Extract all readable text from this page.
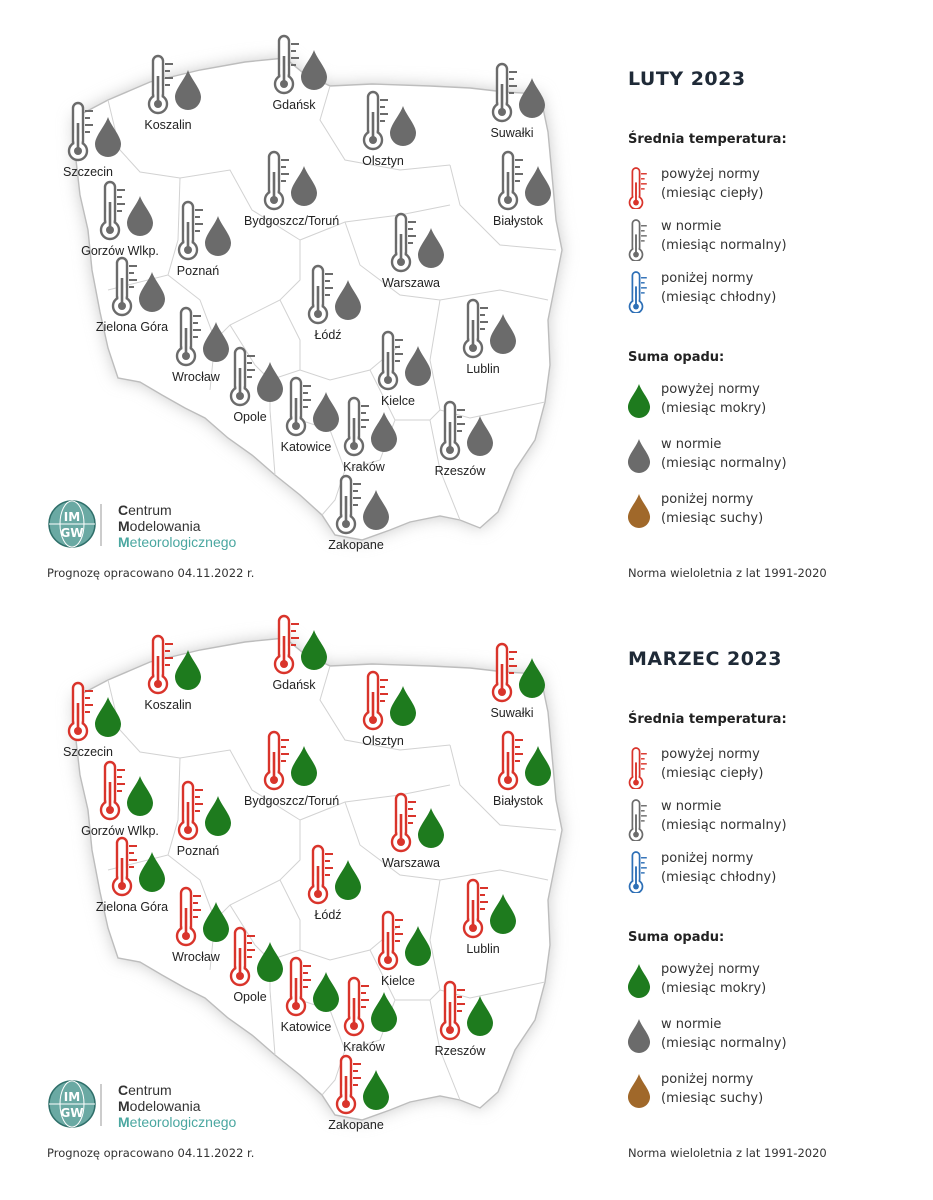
Szczecin
Koszalin
Gdańsk
Olsztyn
Suwałki
Białystok
Gorzów Wlkp.
Bydgoszcz/Toruń
Poznań
Warszawa
Zielona Góra
Łódź
Lublin
Wrocław
Opole
Kielce
Katowice
Kraków	Rzeszów
Zakopane
LUTY 2023
Średnia temperatura:
Suma opadu:
powyżej normy
(miesiąc ciepły)
w normie
(miesiąc normalny)
poniżej normy
(miesiąc chłodny)
powyżej normy
(miesiąc mokry)
w normie
(miesiąc normalny)
poniżej normy
(miesiąc suchy)
Prognozę opracowano 04.11.2022 r.	Norma wieloletnia z lat 1991-2020
IM
GW
Centrum
Modelowania
Meteorologicznego
Szczecin
Koszalin
Gdańsk
Olsztyn
Suwałki
Białystok
Gorzów Wlkp.
Bydgoszcz/Toruń
Poznań
Warszawa
Zielona Góra
Łódź
Lublin
Wrocław
Opole
Kielce
Katowice
Kraków	Rzeszów
Zakopane
MARZEC 2023
Średnia temperatura:
Suma opadu:
powyżej normy
(miesiąc ciepły)
w normie
(miesiąc normalny)
poniżej normy
(miesiąc chłodny)
powyżej normy
(miesiąc mokry)
w normie
(miesiąc normalny)
poniżej normy
(miesiąc suchy)
Prognozę opracowano 04.11.2022 r.	Norma wieloletnia z lat 1991-2020
IM
GW
Centrum
Modelowania
Meteorologicznego
